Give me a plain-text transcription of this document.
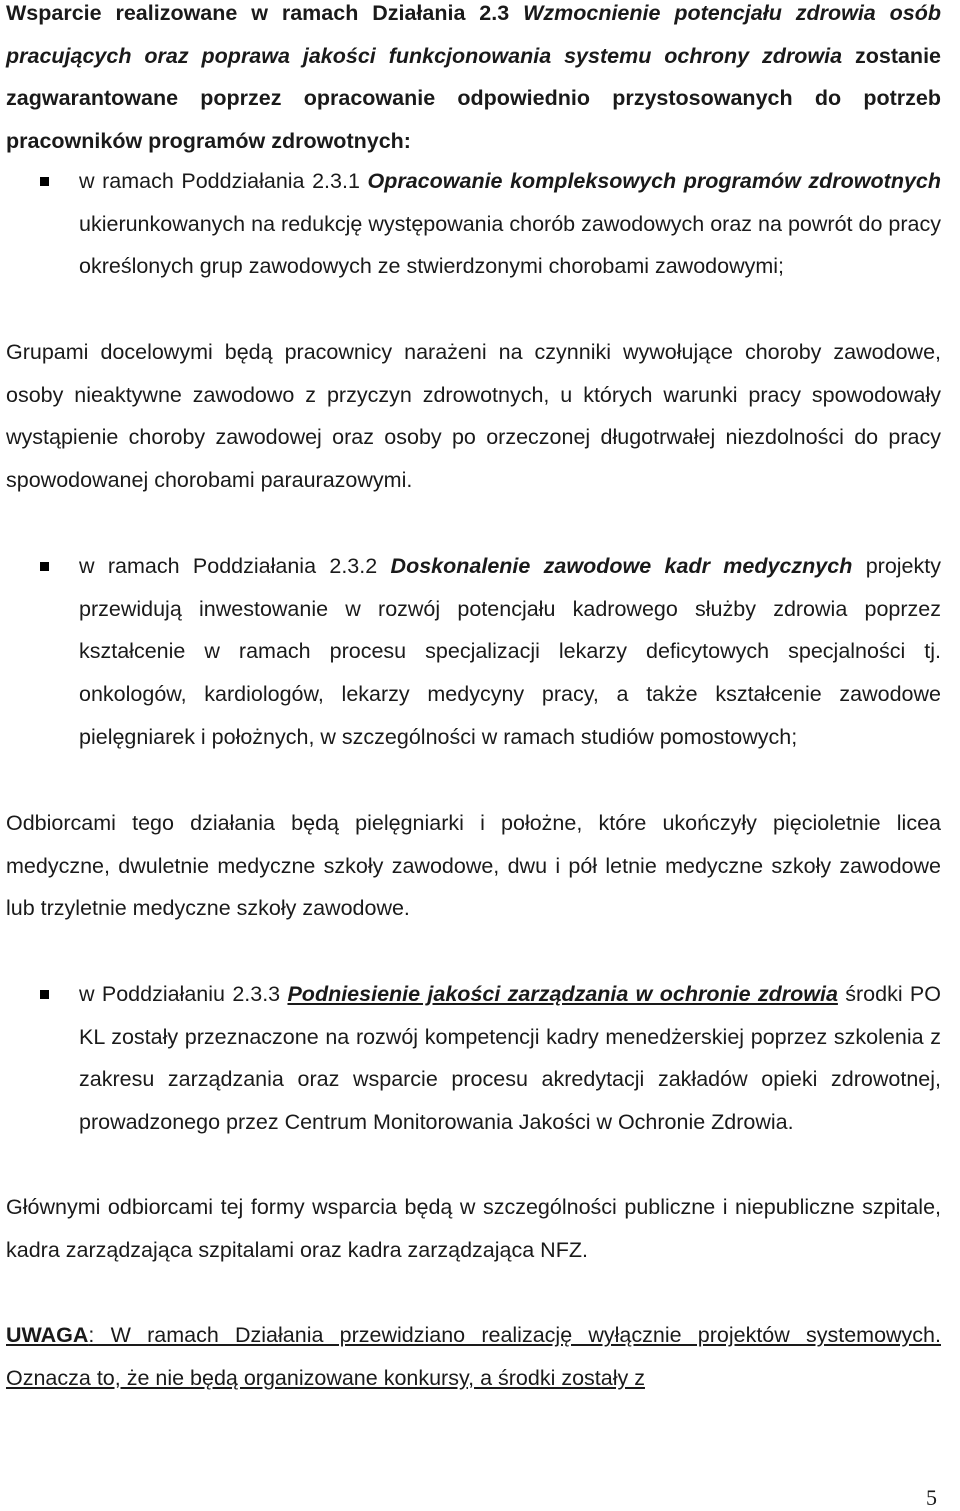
Wsparcie realizowane w ramach Działania 2.3 Wzmocnienie potencjału zdrowia osób pracujących oraz poprawa jakości funkcjonowania systemu ochrony zdrowia zostanie zagwarantowane poprzez opracowanie odpowiednio przystosowanych do potrzeb pracowników programów zdrowotnych:
w ramach Poddziałania 2.3.1 Opracowanie kompleksowych programów zdrowotnych ukierunkowanych na redukcję występowania chorób zawodowych oraz na powrót do pracy określonych grup zawodowych ze stwierdzonymi chorobami zawodowymi;
Grupami docelowymi będą pracownicy narażeni na czynniki wywołujące choroby zawodowe, osoby nieaktywne zawodowo z przyczyn zdrowotnych, u których warunki pracy spowodowały wystąpienie choroby zawodowej oraz osoby po orzeczonej długotrwałej niezdolności do pracy spowodowanej chorobami paraurazowymi.
w ramach Poddziałania 2.3.2 Doskonalenie zawodowe kadr medycznych projekty przewidują inwestowanie w rozwój potencjału kadrowego służby zdrowia poprzez kształcenie w ramach procesu specjalizacji lekarzy deficytowych specjalności tj. onkologów, kardiologów, lekarzy medycyny pracy, a także kształcenie zawodowe pielęgniarek i położnych, w szczególności w ramach studiów pomostowych;
Odbiorcami tego działania będą pielęgniarki i położne, które ukończyły pięcioletnie licea medyczne, dwuletnie medyczne szkoły zawodowe, dwu i pół letnie medyczne szkoły zawodowe lub trzyletnie medyczne szkoły zawodowe.
w Poddziałaniu 2.3.3 Podniesienie jakości zarządzania w ochronie zdrowia środki PO KL zostały przeznaczone na rozwój kompetencji kadry menedżerskiej poprzez szkolenia z zakresu zarządzania oraz wsparcie procesu akredytacji zakładów opieki zdrowotnej, prowadzonego przez Centrum Monitorowania Jakości w Ochronie Zdrowia.
Głównymi odbiorcami tej formy wsparcia będą w szczególności publiczne i niepubliczne szpitale, kadra zarządzająca szpitalami oraz kadra zarządzająca NFZ.
UWAGA: W ramach Działania przewidziano realizację wyłącznie projektów systemowych. Oznacza to, że nie będą organizowane konkursy, a środki zostały z
5
